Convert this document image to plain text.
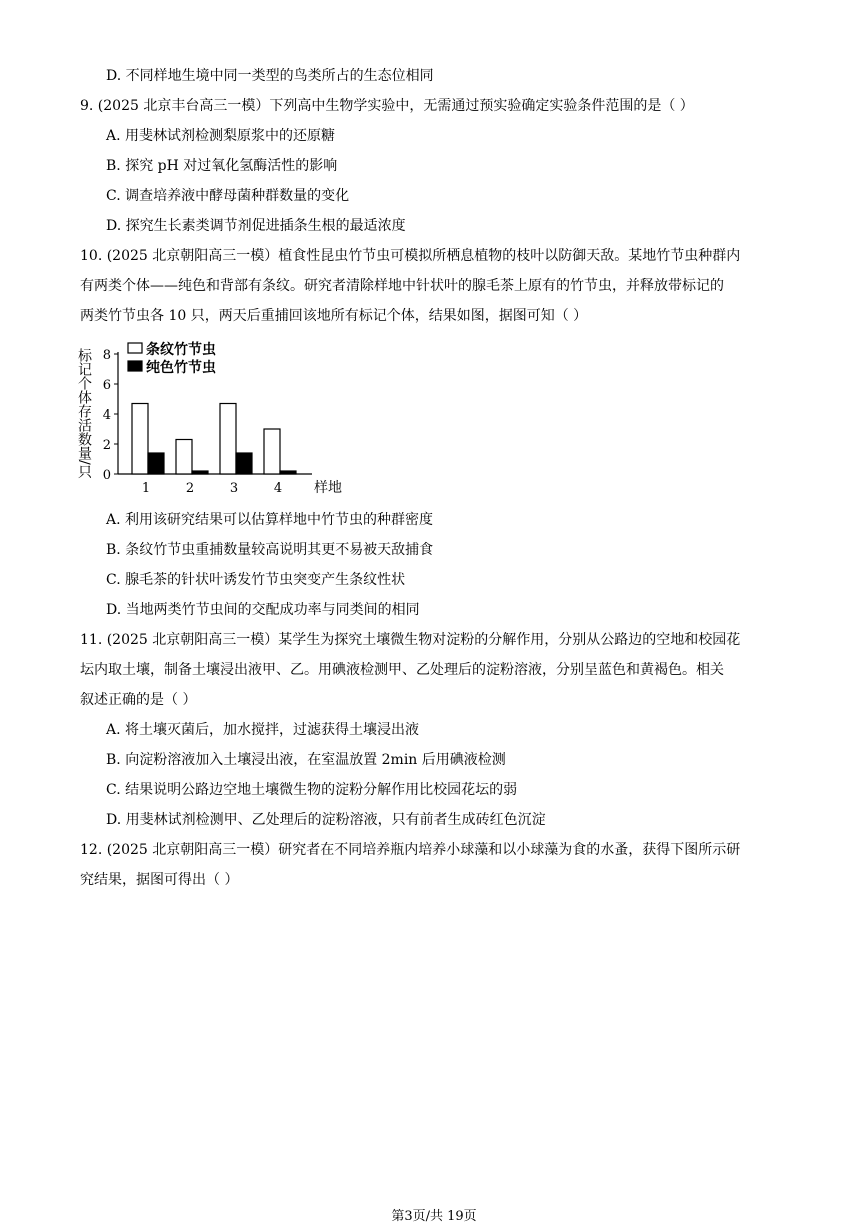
D. 不同样地生境中同一类型的鸟类所占的生态位相同
9. (2025 北京丰台高三一模）下列高中生物学实验中，无需通过预实验确定实验条件范围的是（ ）
A. 用斐林试剂检测梨原浆中的还原糖
B. 探究 pH 对过氧化氢酶活性的影响
C. 调查培养液中酵母菌种群数量的变化
D. 探究生长素类调节剂促进插条生根的最适浓度
10. (2025 北京朝阳高三一模）植食性昆虫竹节虫可模拟所栖息植物的枝叶以防御天敌。某地竹节虫种群内
有两类个体——纯色和背部有条纹。研究者清除样地中针状叶的腺毛茶上原有的竹节虫，并释放带标记的
两类竹节虫各 10 只，两天后重捕回该地所有标记个体，结果如图，据图可知（ ）
标记个体存活数量/只 0
2
4
6
8
1	2	3	4 样地
条纹竹节虫
纯色竹节虫
A. 利用该研究结果可以估算样地中竹节虫的种群密度
B. 条纹竹节虫重捕数量较高说明其更不易被天敌捕食
C. 腺毛茶的针状叶诱发竹节虫突变产生条纹性状
D. 当地两类竹节虫间的交配成功率与同类间的相同
11. (2025 北京朝阳高三一模）某学生为探究土壤微生物对淀粉的分解作用，分别从公路边的空地和校园花
坛内取土壤，制备土壤浸出液甲、乙。用碘液检测甲、乙处理后的淀粉溶液，分别呈蓝色和黄褐色。相关
叙述正确的是（ ）
A. 将土壤灭菌后，加水搅拌，过滤获得土壤浸出液
B. 向淀粉溶液加入土壤浸出液，在室温放置 2min 后用碘液检测
C. 结果说明公路边空地土壤微生物的淀粉分解作用比校园花坛的弱
D. 用斐林试剂检测甲、乙处理后的淀粉溶液，只有前者生成砖红色沉淀
12. (2025 北京朝阳高三一模）研究者在不同培养瓶内培养小球藻和以小球藻为食的水蚤，获得下图所示研
究结果，据图可得出（ ）
第3页/共 19页
